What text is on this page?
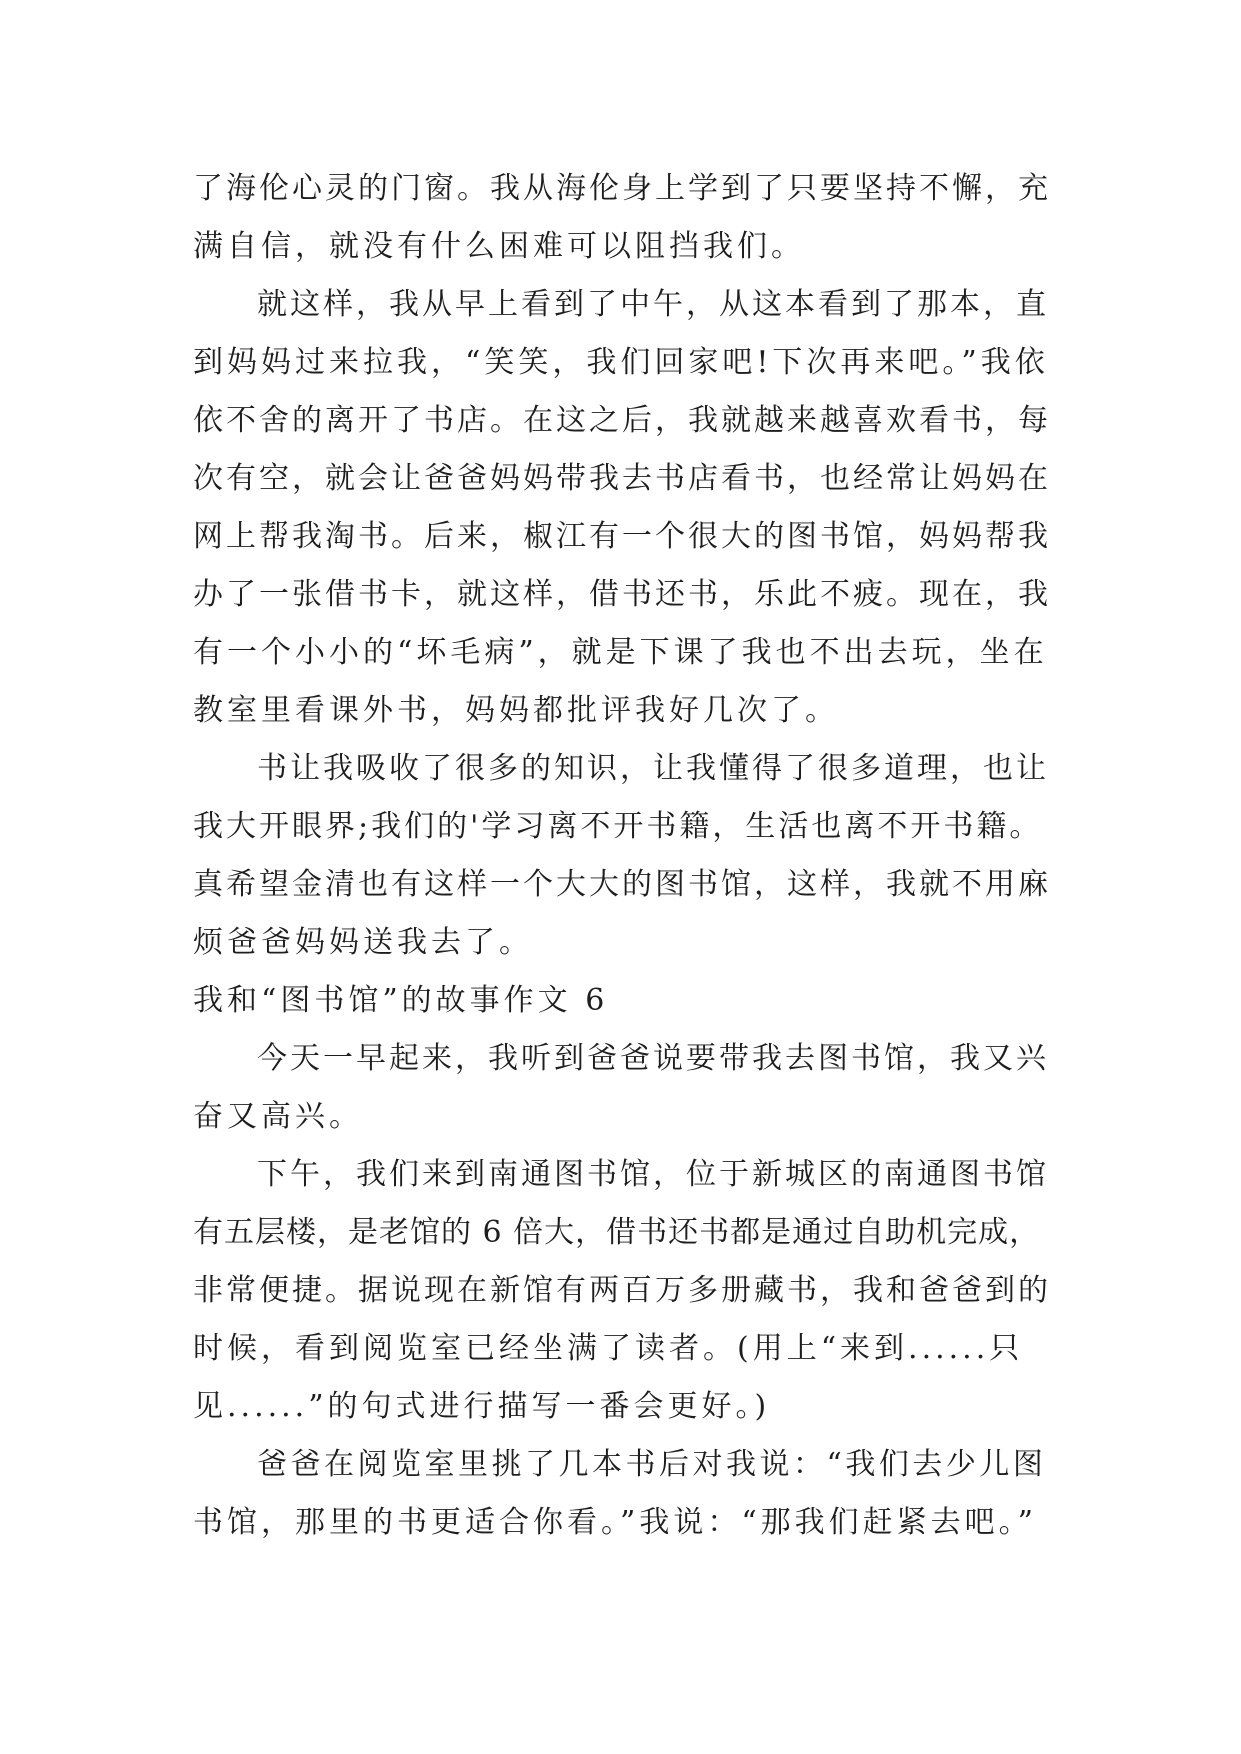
了海伦心灵的门窗。我从海伦身上学到了只要坚持不懈，充
满自信，就没有什么困难可以阻挡我们。
就这样，我从早上看到了中午，从这本看到了那本，直
到妈妈过来拉我，“笑笑，我们回家吧!下次再来吧。”我依
依不舍的离开了书店。在这之后，我就越来越喜欢看书，每
次有空，就会让爸爸妈妈带我去书店看书，也经常让妈妈在
网上帮我淘书。后来，椒江有一个很大的图书馆，妈妈帮我
办了一张借书卡，就这样，借书还书，乐此不疲。现在，我
有一个小小的“坏毛病”，就是下课了我也不出去玩，坐在
教室里看课外书，妈妈都批评我好几次了。
书让我吸收了很多的知识，让我懂得了很多道理，也让
我大开眼界;我们的'学习离不开书籍，生活也离不开书籍。
真希望金清也有这样一个大大的图书馆，这样，我就不用麻
烦爸爸妈妈送我去了。
我和“图书馆”的故事作文 6
今天一早起来，我听到爸爸说要带我去图书馆，我又兴
奋又高兴。
下午，我们来到南通图书馆，位于新城区的南通图书馆
有五层楼，是老馆的 6 倍大，借书还书都是通过自助机完成，
非常便捷。据说现在新馆有两百万多册藏书，我和爸爸到的
时候，看到阅览室已经坐满了读者。(用上“来到......只
见......”的句式进行描写一番会更好。)
爸爸在阅览室里挑了几本书后对我说：“我们去少儿图
书馆，那里的书更适合你看。”我说：“那我们赶紧去吧。”
